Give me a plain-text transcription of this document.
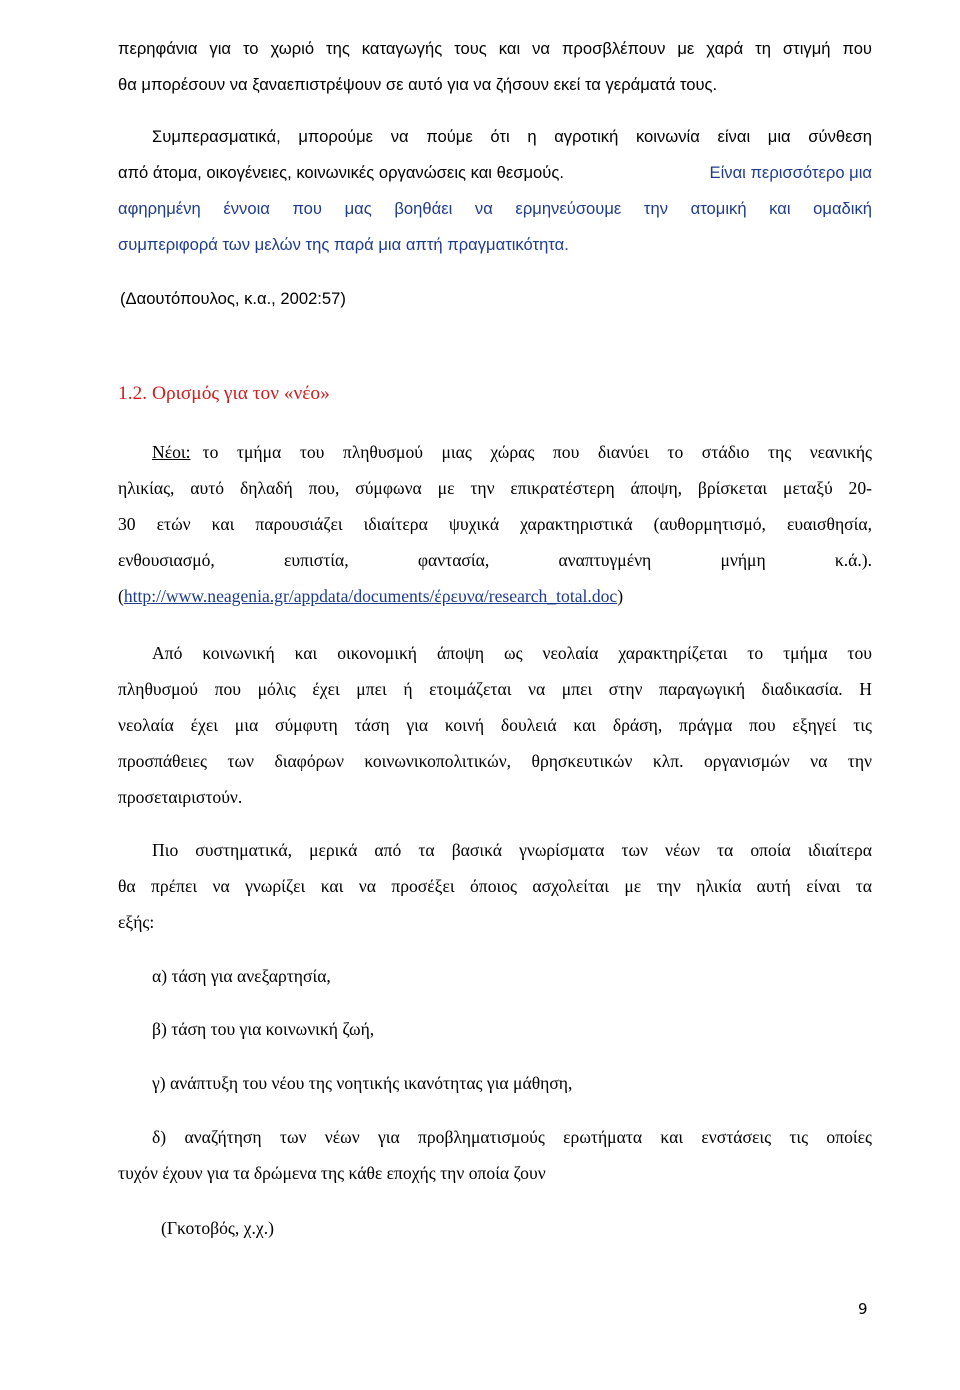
περηφάνια για το χωριό της καταγωγής τους και να προσβλέπουν με χαρά τη στιγμή που
θα μπορέσουν να ξαναεπιστρέψουν σε αυτό για να ζήσουν εκεί τα γεράματά τους.
Συμπερασματικά, μπορούμε να πούμε ότι η αγροτική κοινωνία είναι μια σύνθεση
από άτομα, οικογένειες, κοινωνικές οργανώσεις και θεσμούς.	Είναι περισσότερο μια
αφηρημένη έννοια που μας βοηθάει να ερμηνεύσουμε την ατομική και ομαδική
συμπεριφορά των μελών της παρά μια απτή πραγματικότητα.
(Δαουτόπουλος, κ.α., 2002:57)
1.2. Ορισμός για τον «νέο»
Νέοι: το τμήμα του πληθυσμού μιας χώρας που διανύει το στάδιο της νεανικής
ηλικίας, αυτό δηλαδή που, σύμφωνα με την επικρατέστερη άποψη, βρίσκεται μεταξύ 20-
30 ετών και παρουσιάζει ιδιαίτερα ψυχικά χαρακτηριστικά (αυθορμητισμό, ευαισθησία,
ενθουσιασμό, ευπιστία, φαντασία, αναπτυγμένη μνήμη κ.ά.).
(http://www.neagenia.gr/appdata/documents/έρευνα/research_total.doc)
Από κοινωνική και οικονομική άποψη ως νεολαία χαρακτηρίζεται το τμήμα του
πληθυσμού που μόλις έχει μπει ή ετοιμάζεται να μπει στην παραγωγική διαδικασία. Η
νεολαία έχει μια σύμφυτη τάση για κοινή δουλειά και δράση, πράγμα που εξηγεί τις
προσπάθειες των διαφόρων κοινωνικοπολιτικών, θρησκευτικών κλπ. οργανισμών να την
προσεταιριστούν.
Πιο συστηματικά, μερικά από τα βασικά γνωρίσματα των νέων τα οποία ιδιαίτερα
θα πρέπει να γνωρίζει και να προσέξει όποιος ασχολείται με την ηλικία αυτή είναι τα
εξής:
α) τάση για ανεξαρτησία,
β) τάση του για κοινωνική ζωή,
γ) ανάπτυξη του νέου της νοητικής ικανότητας για μάθηση,
δ) αναζήτηση των νέων για προβληματισμούς ερωτήματα και ενστάσεις τις οποίες
τυχόν έχουν για τα δρώμενα της κάθε εποχής την οποία ζουν
(Γκοτοβός, χ.χ.)
9
